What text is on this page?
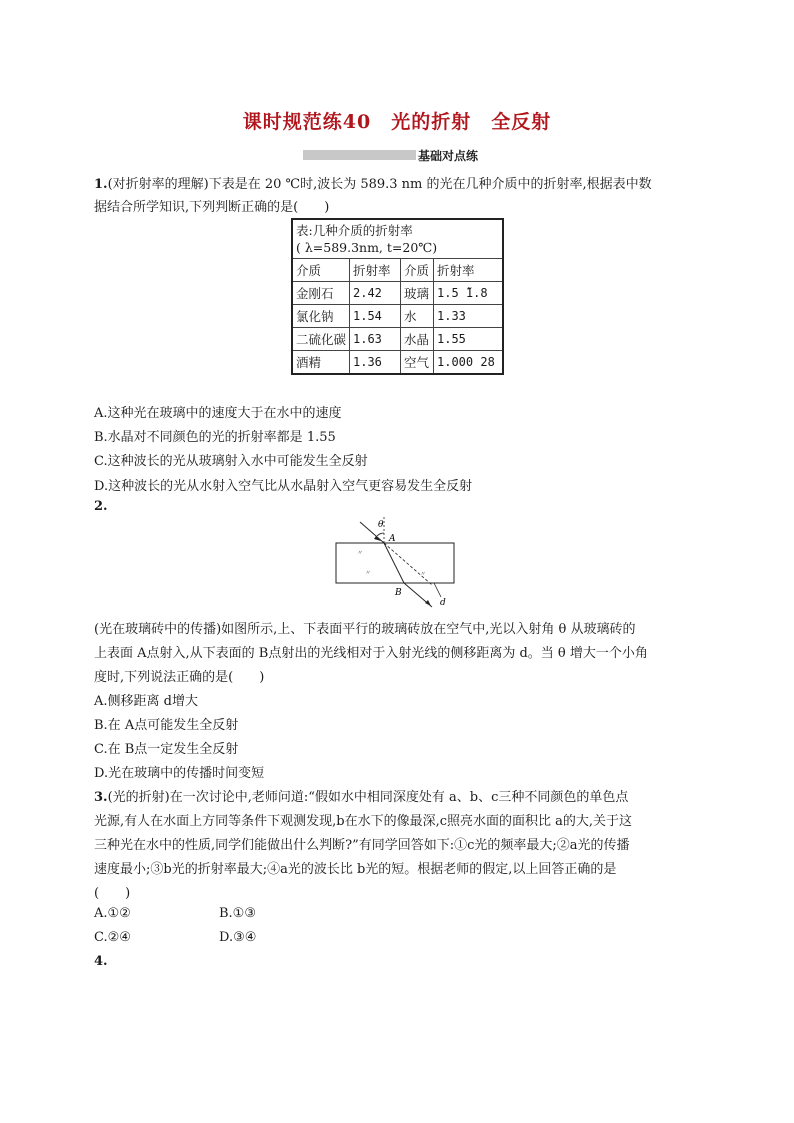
课时规范练40　光的折射　全反射
基础对点练
1.(对折射率的理解)下表是在 20 ℃时,波长为 589.3 nm 的光在几种介质中的折射率,根据表中数
据结合所学知识,下列判断正确的是(　　)
表:几种介质的折射率
( λ=589.3nm, t=20℃)			

介质	折射率	介质	折射率
金刚石	2.42	玻璃	1.5 ̃1.8
氯化钠	1.54	水	1.33
二硫化碳	1.63	水晶	1.55
酒精	1.36	空气	1.000 28
A.这种光在玻璃中的速度大于在水中的速度
B.水晶对不同颜色的光的折射率都是 1.55
C.这种波长的光从玻璃射入水中可能发生全反射
D.这种波长的光从水射入空气比从水晶射入空气更容易发生全反射
2.
〃
〃	〃
θ
A
B
d
(光在玻璃砖中的传播)如图所示,上、下表面平行的玻璃砖放在空气中,光以入射角 θ 从玻璃砖的
上表面 A点射入,从下表面的 B点射出的光线相对于入射光线的侧移距离为 d。当 θ 增大一个小角
度时,下列说法正确的是(　　)
A.侧移距离 d增大
B.在 A点可能发生全反射
C.在 B点一定发生全反射
D.光在玻璃中的传播时间变短
3.(光的折射)在一次讨论中,老师问道:“假如水中相同深度处有 a、b、c三种不同颜色的单色点
光源,有人在水面上方同等条件下观测发现,b在水下的像最深,c照亮水面的面积比 a的大,关于这
三种光在水中的性质,同学们能做出什么判断?”有同学回答如下:①c光的频率最大;②a光的传播
速度最小;③b光的折射率最大;④a光的波长比 b光的短。根据老师的假定,以上回答正确的是
(　　)
A.①②	B.①③
C.②④	D.③④
4.
